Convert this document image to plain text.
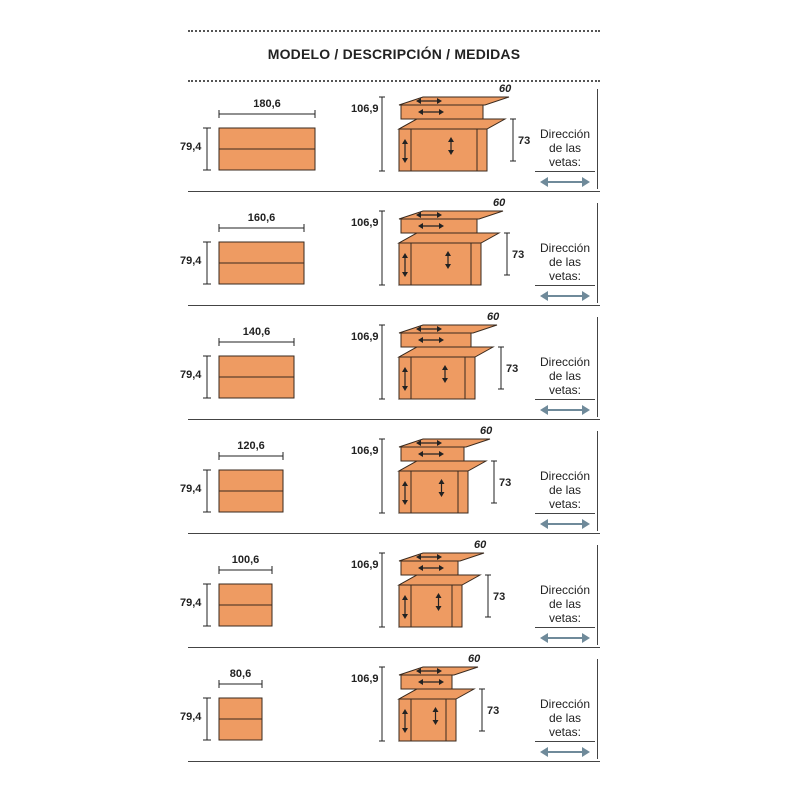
MODELO / DESCRIPCIÓN / MEDIDAS
180,6
79,4
106,9
60
73 Dirección
de las vetas:
160,6
79,4
106,9
60
73	Dirección
de las vetas:
140,6
79,4
106,9
60
73	Dirección
de las vetas:
120,6
79,4
106,9
60
73	Dirección
de las vetas:
100,6
79,4
106,9
60
73	Dirección
de las vetas:
80,6
79,4
106,9
60
73	Dirección
de las vetas:
